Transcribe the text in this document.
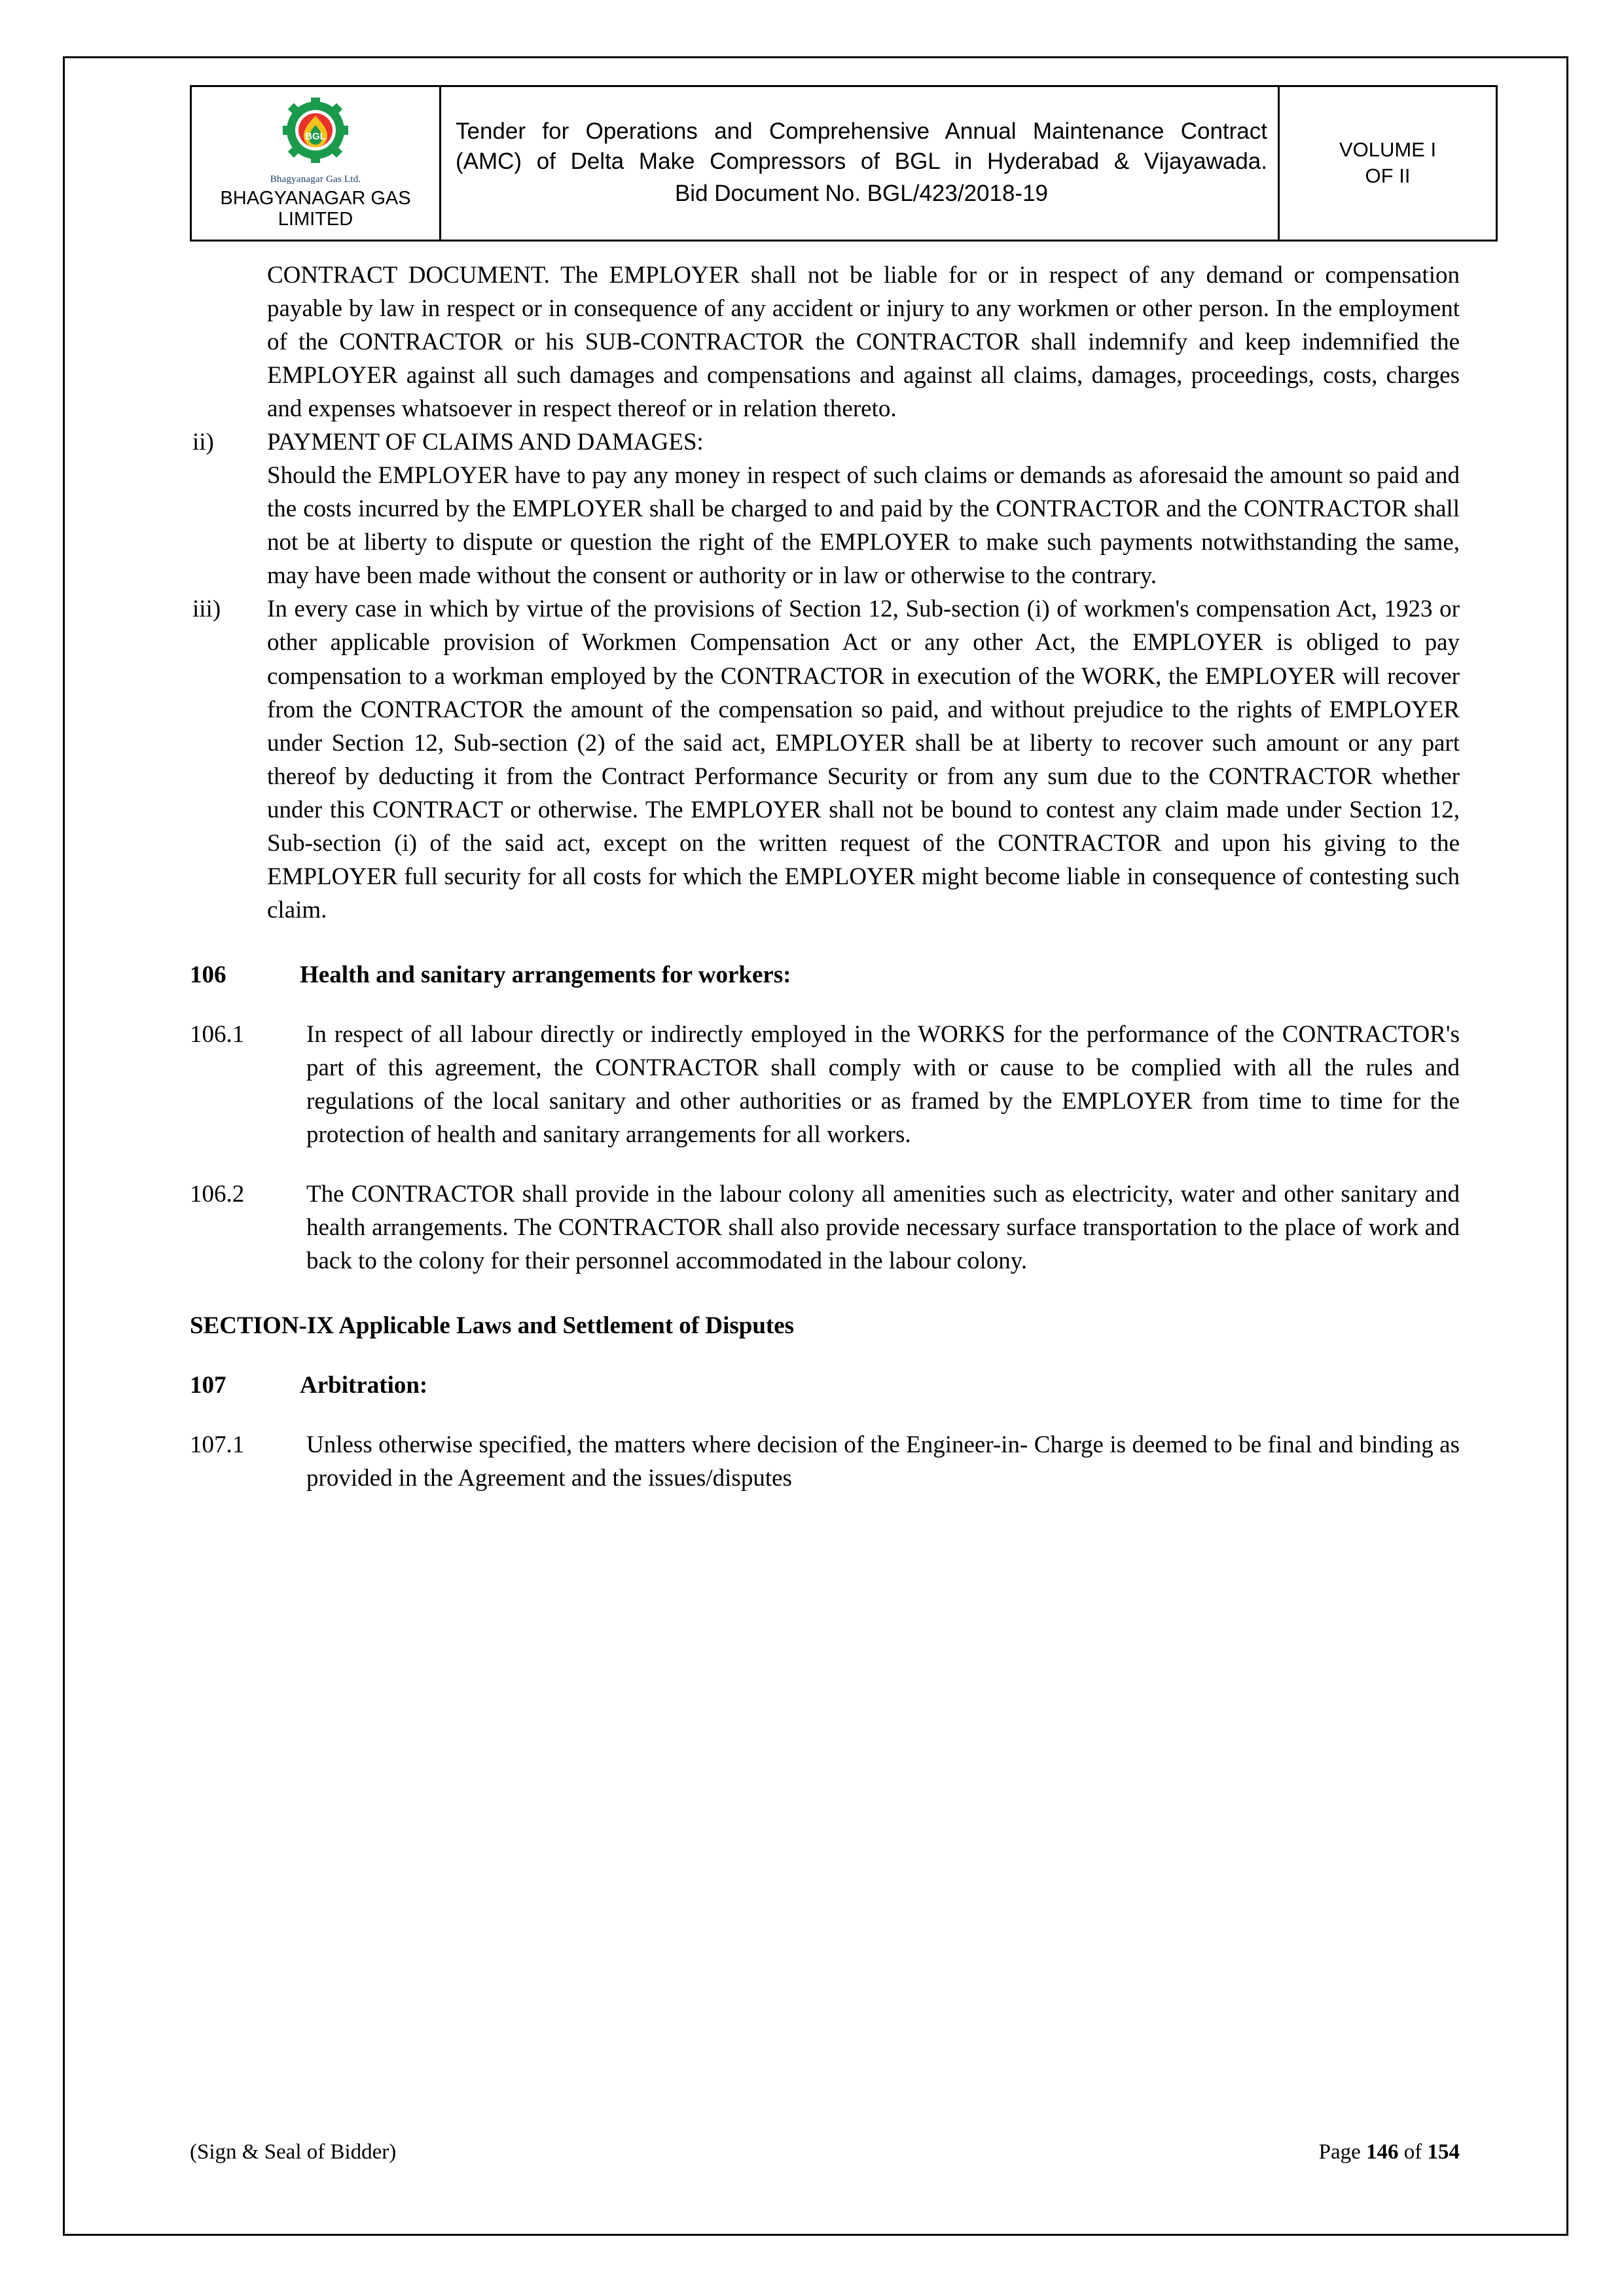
BGL
Bhagyanagar Gas Ltd.
BHAGYANAGAR GAS
LIMITED

Tender for Operations and Comprehensive Annual Maintenance Contract (AMC) of Delta Make Compressors of BGL in Hyderabad & Vijayawada.
Bid Document No. BGL/423/2018-19

VOLUME I
OF II

CONTRACT DOCUMENT. The EMPLOYER shall not be liable for or in respect of any demand or compensation payable by law in respect or in consequence of any accident or injury to any workmen or other person. In the employment of the CONTRACTOR or his SUB-CONTRACTOR the CONTRACTOR shall indemnify and keep indemnified the EMPLOYER against all such damages and compensations and against all claims, damages, proceedings, costs, charges and expenses whatsoever in respect thereof or in relation thereto.

ii)	PAYMENT OF CLAIMS AND DAMAGES:

Should the EMPLOYER have to pay any money in respect of such claims or demands as aforesaid the amount so paid and the costs incurred by the EMPLOYER shall be charged to and paid by the CONTRACTOR and the CONTRACTOR shall not be at liberty to dispute or question the right of the EMPLOYER to make such payments notwithstanding the same, may have been made without the consent or authority or in law or otherwise to the contrary.

iii)	In every case in which by virtue of the provisions of Section 12, Sub-section (i) of workmen's compensation Act, 1923 or other applicable provision of Workmen Compensation Act or any other Act, the EMPLOYER is obliged to pay compensation to a workman employed by the CONTRACTOR in execution of the WORK, the EMPLOYER will recover from the CONTRACTOR the amount of the compensation so paid, and without prejudice to the rights of EMPLOYER under Section 12, Sub-section (2) of the said act, EMPLOYER shall be at liberty to recover such amount or any part thereof by deducting it from the Contract Performance Security or from any sum due to the CONTRACTOR whether under this CONTRACT or otherwise. The EMPLOYER shall not be bound to contest any claim made under Section 12, Sub-section (i) of the said act, except on the written request of the CONTRACTOR and upon his giving to the EMPLOYER full security for all costs for which the EMPLOYER might become liable in consequence of contesting such claim.

106	Health and sanitary arrangements for workers:

106.1	In respect of all labour directly or indirectly employed in the WORKS for the performance of the CONTRACTOR's part of this agreement, the CONTRACTOR shall comply with or cause to be complied with all the rules and regulations of the local sanitary and other authorities or as framed by the EMPLOYER from time to time for the protection of health and sanitary arrangements for all workers.
106.2	The CONTRACTOR shall provide in the labour colony all amenities such as electricity, water and other sanitary and health arrangements. The CONTRACTOR shall also provide necessary surface transportation to the place of work and back to the colony for their personnel accommodated in the labour colony.

SECTION-IX Applicable Laws and Settlement of Disputes

107	Arbitration:

107.1	Unless otherwise specified, the matters where decision of the Engineer-in- Charge is deemed to be final and binding as provided in the Agreement and the issues/disputes
(Sign & Seal of Bidder)	Page 146 of 154
